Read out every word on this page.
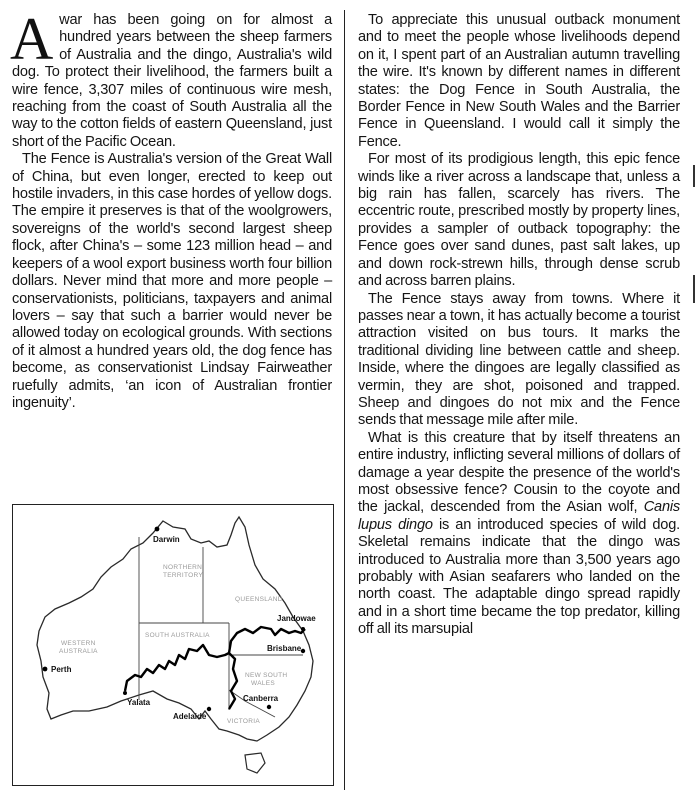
Awar has been going on for almost a hundred years between the sheep farmers of Australia and the dingo, Australia's wild dog. To protect their livelihood, the farmers built a wire fence, 3,307 miles of continuous wire mesh, reaching from the coast of South Australia all the way to the cotton fields of eastern Queensland, just short of the Pacific Ocean.

The Fence is Australia's version of the Great Wall of China, but even longer, erected to keep out hostile invaders, in this case hordes of yellow dogs. The empire it preserves is that of the woolgrowers, sovereigns of the world's second largest sheep flock, after China's – some 123 million head – and keepers of a wool export business worth four billion dollars. Never mind that more and more people – conservationists, politicians, taxpayers and animal lovers – say that such a barrier would never be allowed today on ecological grounds. With sections of it almost a hundred years old, the dog fence has become, as conservationist Lindsay Fairweather ruefully admits, ‘an icon of Australian frontier ingenuity’.

NORTHERN
TERRITORY
QUEENSLAND
WESTERN
AUSTRALIA
SOUTH AUSTRALIA
NEW SOUTH
WALES
VICTORIA
Darwin
Perth
Yalata
Adelaide
Canberra
Brisbane
Jandowae

To appreciate this unusual outback monument and to meet the people whose livelihoods depend on it, I spent part of an Australian autumn travelling the wire. It's known by different names in different states: the Dog Fence in South Australia, the Border Fence in New South Wales and the Barrier Fence in Queensland. I would call it simply the Fence.

For most of its prodigious length, this epic fence winds like a river across a landscape that, unless a big rain has fallen, scarcely has rivers. The eccentric route, prescribed mostly by property lines, provides a sampler of outback topography: the Fence goes over sand dunes, past salt lakes, up and down rock-strewn hills, through dense scrub and across barren plains.

The Fence stays away from towns. Where it passes near a town, it has actually become a tourist attraction visited on bus tours. It marks the traditional dividing line between cattle and sheep. Inside, where the dingoes are legally classified as vermin, they are shot, poisoned and trapped. Sheep and dingoes do not mix and the Fence sends that message mile after mile.

What is this creature that by itself threatens an entire industry, inflicting several millions of dollars of damage a year despite the presence of the world's most obsessive fence? Cousin to the coyote and the jackal, descended from the Asian wolf, Canis lupus dingo is an introduced species of wild dog. Skeletal remains indicate that the dingo was introduced to Australia more than 3,500 years ago probably with Asian seafarers who landed on the north coast. The adaptable dingo spread rapidly and in a short time became the top predator, killing off all its marsupial
